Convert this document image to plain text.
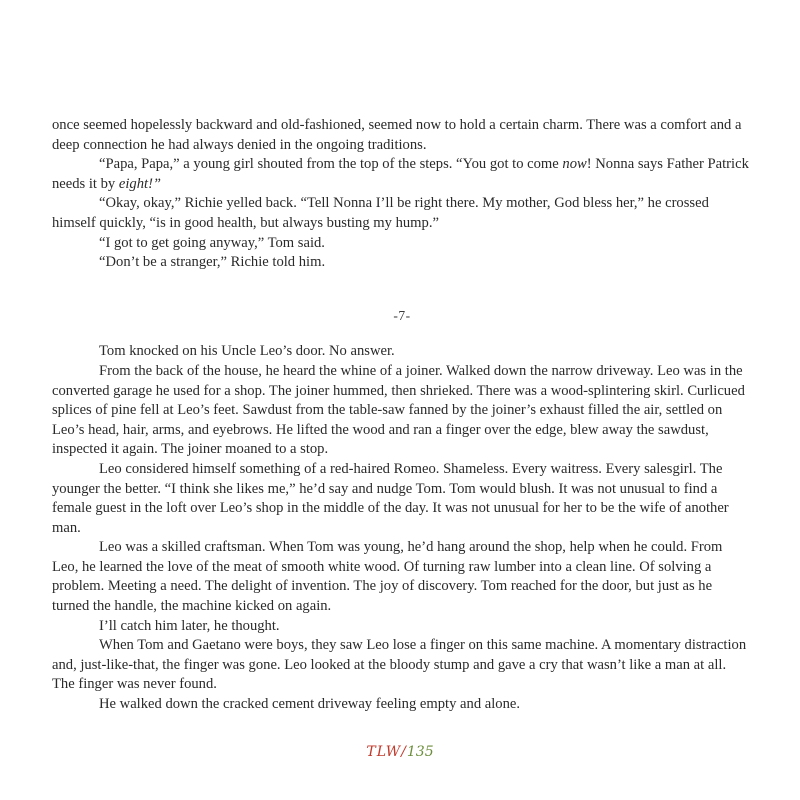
once seemed hopelessly backward and old-fashioned, seemed now to hold a certain charm. There was a comfort and a deep connection he had always denied in the ongoing traditions.

“Papa, Papa,” a young girl shouted from the top of the steps. “You got to come now! Nonna says Father Patrick needs it by eight!”

“Okay, okay,” Richie yelled back. “Tell Nonna I’ll be right there. My mother, God bless her,” he crossed himself quickly, “is in good health, but always busting my hump.”

“I got to get going anyway,” Tom said.

“Don’t be a stranger,” Richie told him.

-7-

Tom knocked on his Uncle Leo’s door. No answer.

From the back of the house, he heard the whine of a joiner. Walked down the narrow driveway. Leo was in the converted garage he used for a shop. The joiner hummed, then shrieked. There was a wood-splintering skirl. Curlicued splices of pine fell at Leo’s feet. Sawdust from the table-saw fanned by the joiner’s exhaust filled the air, settled on Leo’s head, hair, arms, and eyebrows. He lifted the wood and ran a finger over the edge, blew away the sawdust, inspected it again. The joiner moaned to a stop.

Leo considered himself something of a red-haired Romeo. Shameless. Every waitress. Every salesgirl. The younger the better. “I think she likes me,” he’d say and nudge Tom. Tom would blush. It was not unusual to find a female guest in the loft over Leo’s shop in the middle of the day. It was not unusual for her to be the wife of another man.

Leo was a skilled craftsman. When Tom was young, he’d hang around the shop, help when he could. From Leo, he learned the love of the meat of smooth white wood. Of turning raw lumber into a clean line. Of solving a problem. Meeting a need. The delight of invention. The joy of discovery. Tom reached for the door, but just as he turned the handle, the machine kicked on again.

I’ll catch him later, he thought.

When Tom and Gaetano were boys, they saw Leo lose a finger on this same machine. A momentary distraction and, just-like-that, the finger was gone. Leo looked at the bloody stump and gave a cry that wasn’t like a man at all. The finger was never found.

He walked down the cracked cement driveway feeling empty and alone.

TLW/135
